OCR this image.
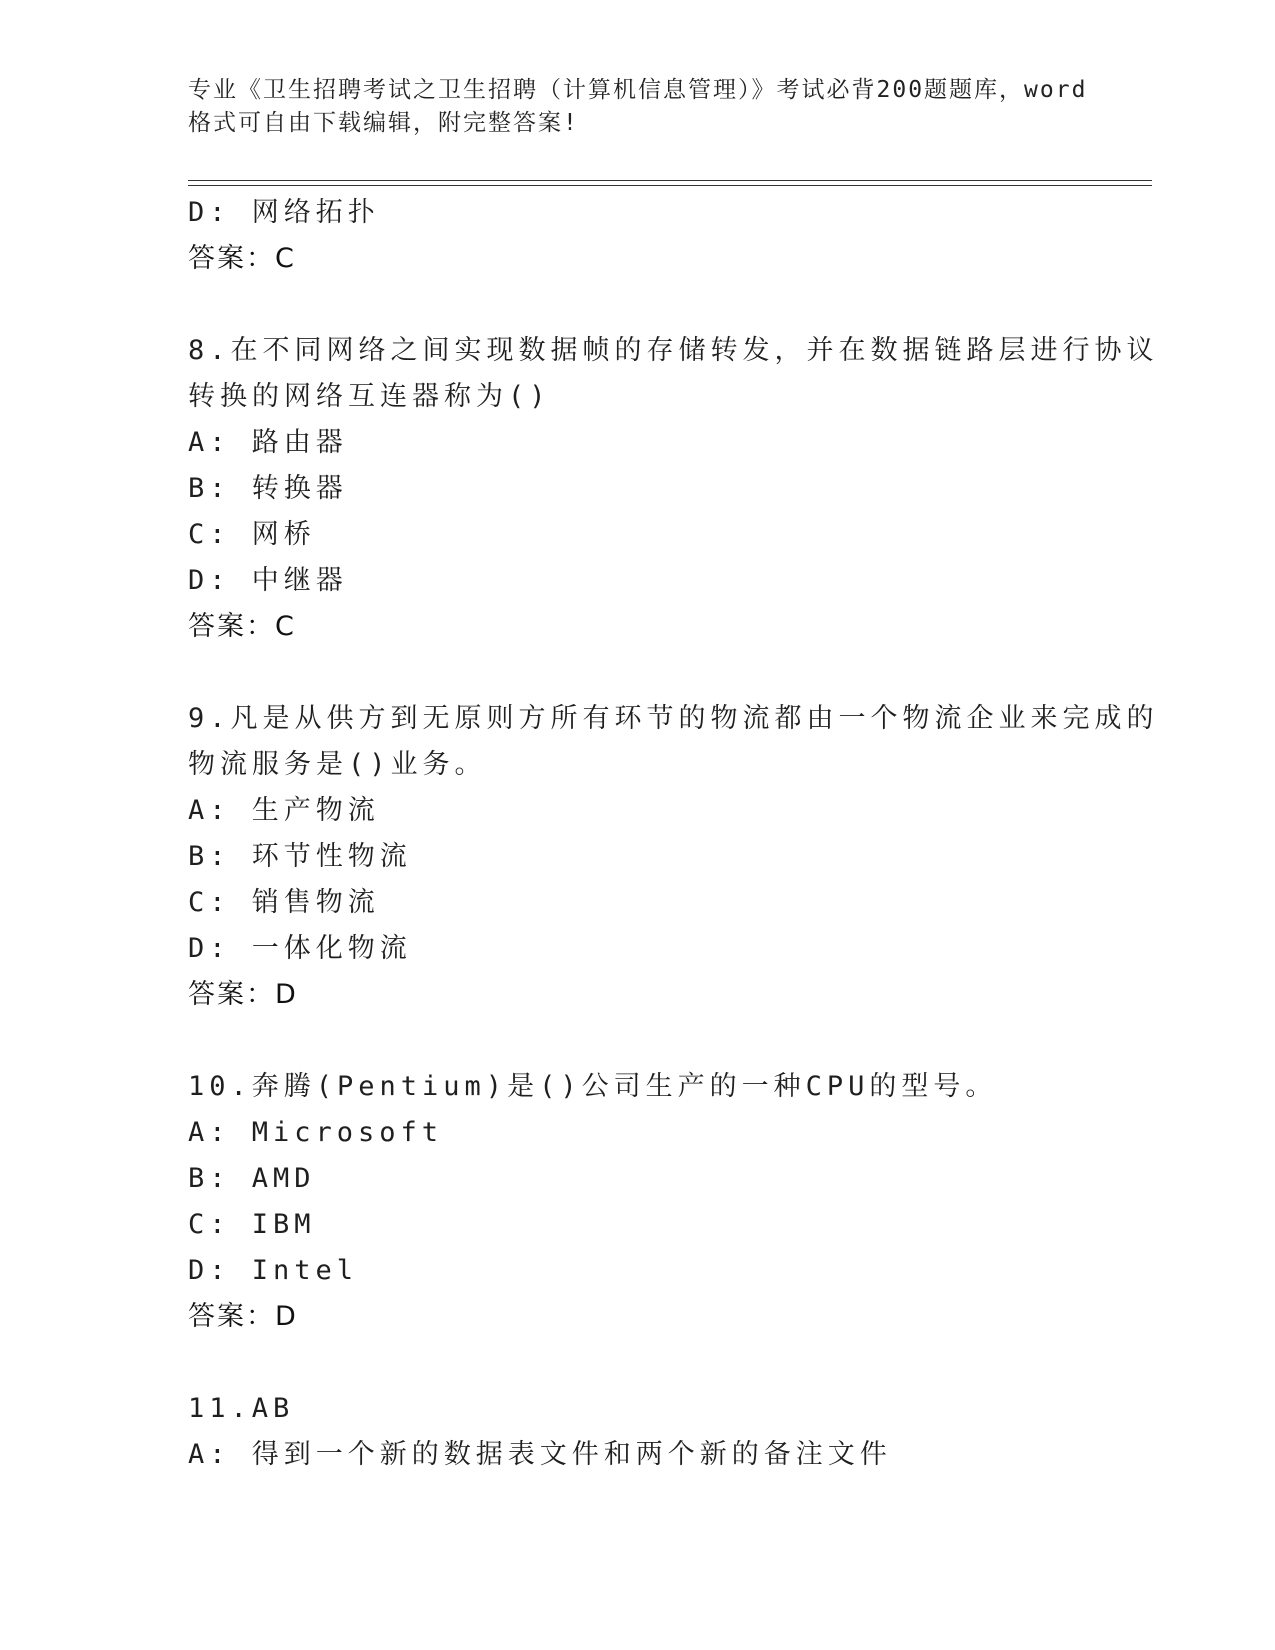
专业《卫生招聘考试之卫生招聘（计算机信息管理）》考试必背200题题库，word
格式可自由下载编辑，附完整答案!
D: 网络拓扑
答案：C
8.在不同网络之间实现数据帧的存储转发，并在数据链路层进行协议
转换的网络互连器称为()
A: 路由器
B: 转换器
C: 网桥
D: 中继器
答案：C
9.凡是从供方到无原则方所有环节的物流都由一个物流企业来完成的
物流服务是()业务。
A: 生产物流
B: 环节性物流
C: 销售物流
D: 一体化物流
答案：D
10.奔腾(Pentium)是()公司生产的一种CPU的型号。
A: Microsoft
B: AMD
C: IBM
D: Intel
答案：D
11.AB
A: 得到一个新的数据表文件和两个新的备注文件
